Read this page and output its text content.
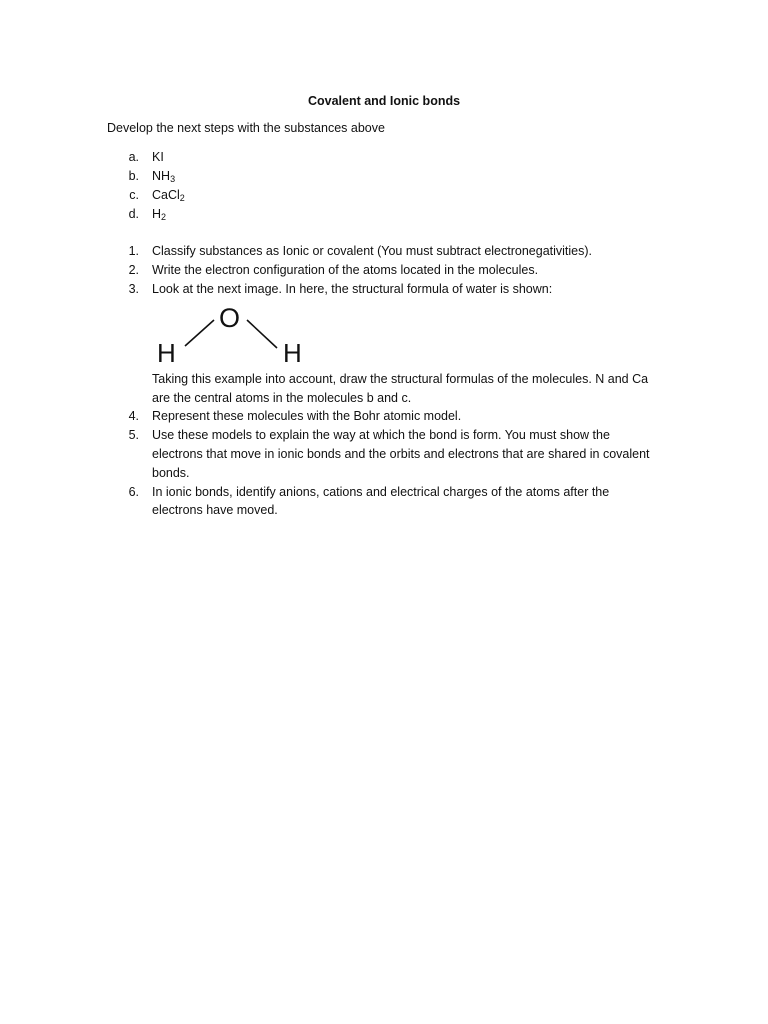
Covalent and Ionic bonds
Develop the next steps with the substances above
a. KI
b. $NH_3$
c. CaCl$_2$
d. $H_2$
1. Classify substances as Ionic or covalent (You must subtract electronegativities).
2. Write the electron configuration of the atoms located in the molecules.
3. Look at the next image. In here, the structural formula of water is shown:
H
O
H
Taking this example into account, draw the structural formulas of the molecules. N and Ca
are the central atoms in the molecules b and c.
4. Represent these molecules with the Bohr atomic model.
5. Use these models to explain the way at which the bond is form. You must show the
electrons that move in ionic bonds and the orbits and electrons that are shared in covalent
bonds.
6. In ionic bonds, identify anions, cations and electrical charges of the atoms after the
electrons have moved.
